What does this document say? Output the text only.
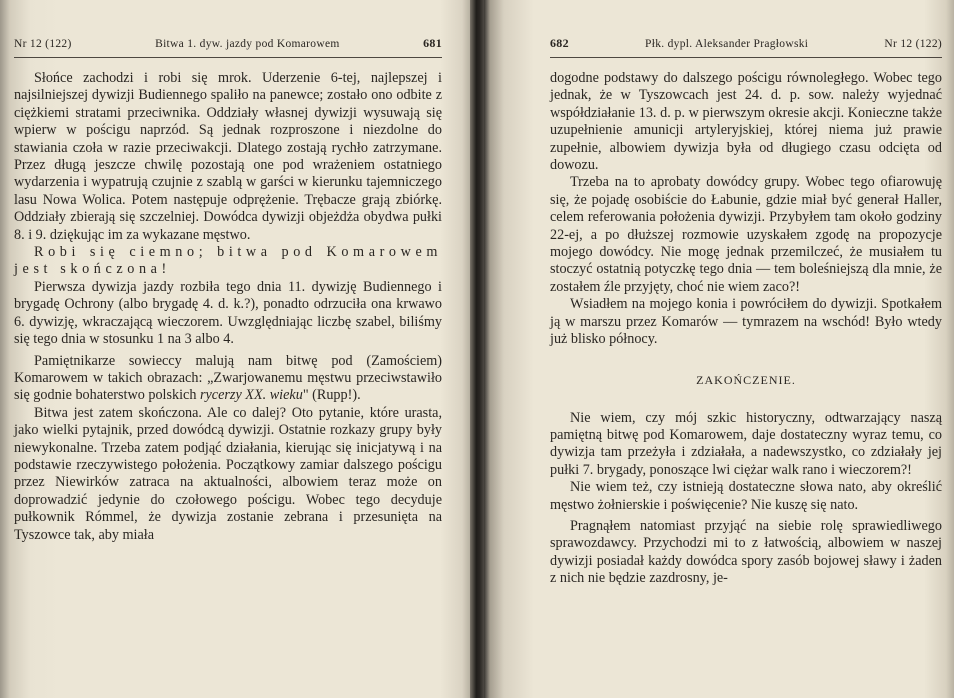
Nr 12 (122)	Bitwa 1. dyw. jazdy pod Komarowem	681

Słońce zachodzi i robi się mrok. Uderzenie 6-tej, najlepszej i najsilniejszej dywizji Budiennego spaliło na panewce; zostało ono odbite z ciężkiemi stratami przeciwnika. Oddziały własnej dywizji wysuwają się wpierw w pościgu naprzód. Są jednak rozproszone i niezdolne do stawiania czoła w razie przeciwakcji. Dlatego zostają rychło zatrzymane. Przez długą jeszcze chwilę pozostają one pod wrażeniem ostatniego wydarzenia i wypatrują czujnie z szablą w garści w kierunku tajemniczego lasu Nowa Wolica. Potem następuje odprężenie. Trębacze grają zbiórkę. Oddziały zbierają się szczelniej. Dowódca dywizji objeżdża obydwa pułki 8. i 9. dziękując im za wykazane męstwo.

Robi się ciemno; bitwa pod Komarowem jest skończona!

Pierwsza dywizja jazdy rozbiła tego dnia 11. dywizję Budiennego i brygadę Ochrony (albo brygadę 4. d. k.?), ponadto odrzuciła ona krwawo 6. dywizję, wkraczającą wieczorem. Uwzględniając liczbę szabel, biliśmy się tego dnia w stosunku 1 na 3 albo 4.

Pamiętnikarze sowieccy malują nam bitwę pod (Zamościem) Komarowem w takich obrazach: „Zwarjowanemu męstwu przeciwstawiło się godnie bohaterstwo polskich rycerzy XX. wieku" (Rupp!).

Bitwa jest zatem skończona. Ale co dalej? Oto pytanie, które urasta, jako wielki pytajnik, przed dowódcą dywizji. Ostatnie rozkazy grupy były niewykonalne. Trzeba zatem podjąć działania, kierując się inicjatywą i na podstawie rzeczywistego położenia. Początkowy zamiar dalszego pościgu przez Niewirków zatraca na aktualności, albowiem teraz może on doprowadzić jedynie do czołowego pościgu. Wobec tego decyduje pułkownik Rómmel, że dywizja zostanie zebrana i przesunięta na Tyszowce tak, aby miała

682	Płk. dypl. Aleksander Pragłowski	Nr 12 (122)

dogodne podstawy do dalszego pościgu równoległego. Wobec tego jednak, że w Tyszowcach jest 24. d. p. sow. należy wyjednać współdziałanie 13. d. p. w pierwszym okresie akcji. Konieczne także uzupełnienie amunicji artyleryjskiej, której niema już prawie zupełnie, albowiem dywizja była od długiego czasu odcięta od dowozu.

Trzeba na to aprobaty dowódcy grupy. Wobec tego ofiarowuję się, że pojadę osobiście do Łabunie, gdzie miał być generał Haller, celem referowania położenia dywizji. Przybyłem tam około godziny 22-ej, a po dłuższej rozmowie uzyskałem zgodę na propozycje mojego dowódcy. Nie mogę jednak przemilczeć, że musiałem tu stoczyć ostatnią potyczkę tego dnia — tem boleśniejszą dla mnie, że zostałem źle przyjęty, choć nie wiem zaco?!

Wsiadłem na mojego konia i powróciłem do dywizji. Spotkałem ją w marszu przez Komarów — tymrazem na wschód! Było wtedy już blisko północy.

ZAKOŃCZENIE.

Nie wiem, czy mój szkic historyczny, odtwarzający naszą pamiętną bitwę pod Komarowem, daje dostateczny wyraz temu, co dywizja tam przeżyła i zdziałała, a nadewszystko, co zdziałały jej pułki 7. brygady, ponoszące lwi ciężar walk rano i wieczorem?!

Nie wiem też, czy istnieją dostateczne słowa nato, aby określić męstwo żołnierskie i poświęcenie? Nie kuszę się nato.

Pragnąłem natomiast przyjąć na siebie rolę sprawiedliwego sprawozdawcy. Przychodzi mi to z łatwością, albowiem w naszej dywizji posiadał każdy dowódca spory zasób bojowej sławy i żaden z nich nie będzie zazdrosny, je-
